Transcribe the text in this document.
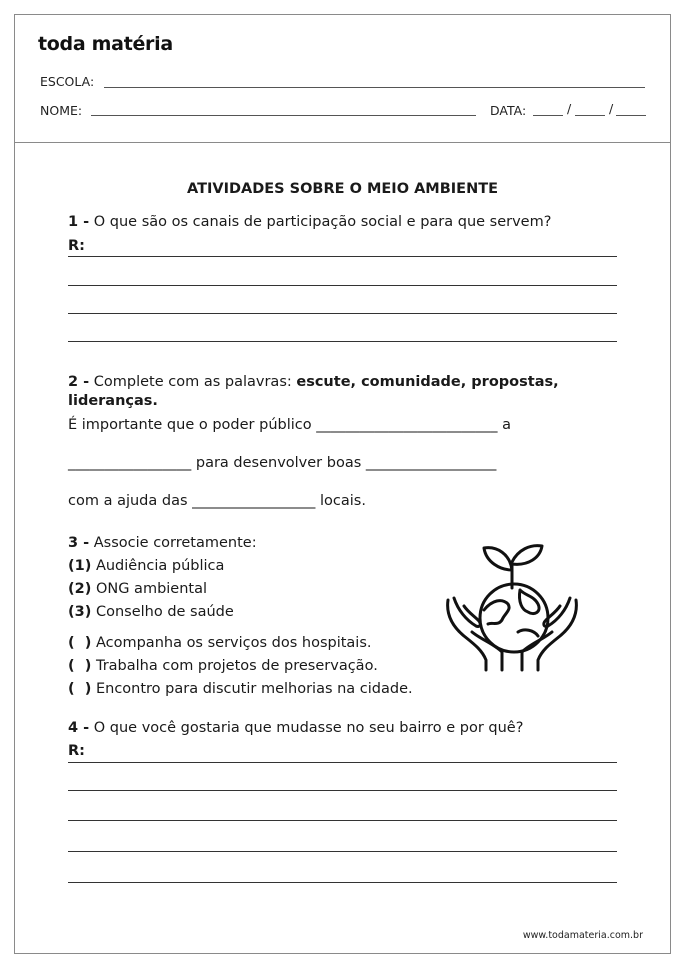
toda matéria
ESCOLA:
NOME:	DATA:	/	/
ATIVIDADES SOBRE O MEIO AMBIENTE
1 - O que são os canais de participação social e para que servem?
R:
2 - Complete com as palavras: escute, comunidade, propostas,
lideranças.
É importante que o poder público _________________________ a
_________________ para desenvolver boas __________________
com a ajuda das _________________ locais.
3 - Associe corretamente:
(1) Audiência pública
(2) ONG ambiental
(3) Conselho de saúde
(  ) Acompanha os serviços dos hospitais.
(  ) Trabalha com projetos de preservação.
(  ) Encontro para discutir melhorias na cidade.
4 - O que você gostaria que mudasse no seu bairro e por quê?
R:
www.todamateria.com.br
